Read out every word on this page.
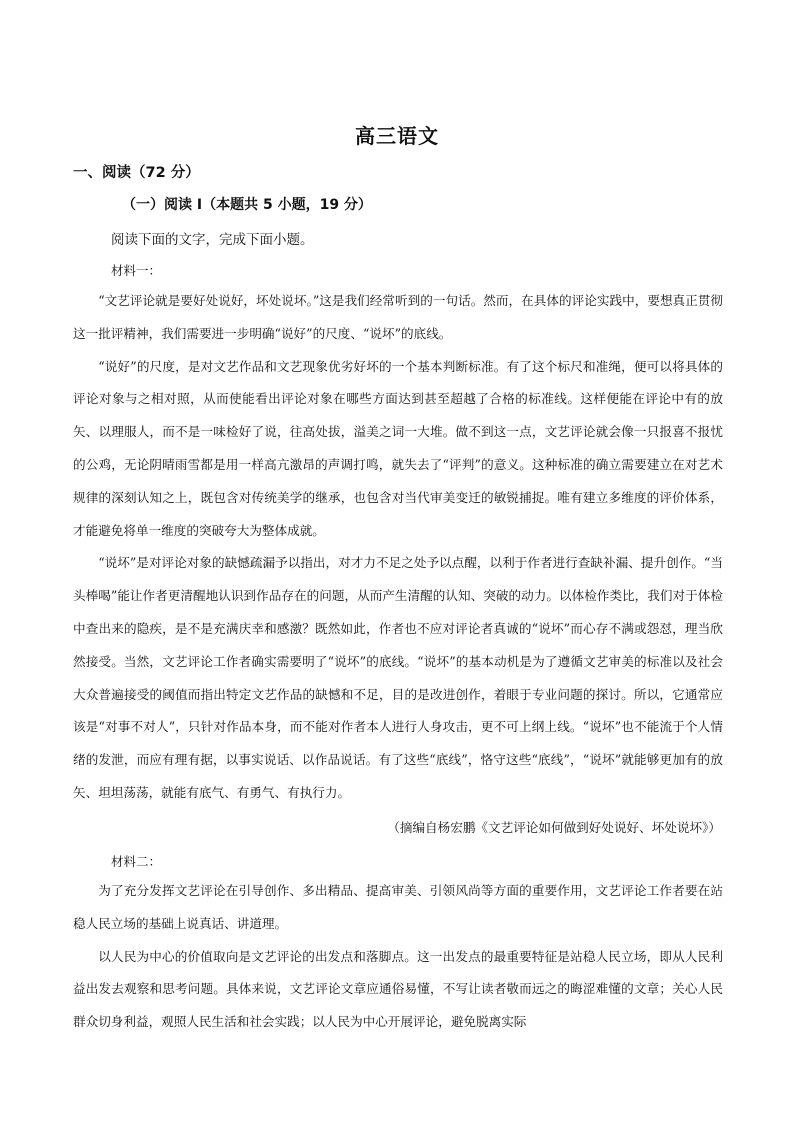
高三语文
一、阅读（72 分）
（一）阅读 I（本题共 5 小题，19 分）
阅读下面的文字，完成下面小题。
材料一：

“文艺评论就是要好处说好，坏处说坏。”这是我们经常听到的一句话。然而，在具体的评论实践中，要想真正贯彻这一批评精神，我们需要进一步明确“说好”的尺度、“说坏”的底线。

“说好”的尺度，是对文艺作品和文艺现象优劣好坏的一个基本判断标准。有了这个标尺和准绳，便可以将具体的评论对象与之相对照，从而使能看出评论对象在哪些方面达到甚至超越了合格的标准线。这样便能在评论中有的放矢、以理服人，而不是一味检好了说，往高处拔，溢美之词一大堆。做不到这一点，文艺评论就会像一只报喜不报忧的公鸡，无论阴晴雨雪都是用一样高亢激昂的声调打鸣，就失去了“评判”的意义。这种标准的确立需要建立在对艺术规律的深刻认知之上，既包含对传统美学的继承，也包含对当代审美变迁的敏锐捕捉。唯有建立多维度的评价体系，才能避免将单一维度的突破夸大为整体成就。

“说坏”是对评论对象的缺憾疏漏予以指出，对才力不足之处予以点醒，以利于作者进行查缺补漏、提升创作。“当头棒喝”能让作者更清醒地认识到作品存在的问题，从而产生清醒的认知、突破的动力。以体检作类比，我们对于体检中查出来的隐疾，是不是充满庆幸和感激？既然如此，作者也不应对评论者真诚的“说坏”而心存不满或怨怼，理当欣然接受。当然，文艺评论工作者确实需要明了“说坏”的底线。“说坏”的基本动机是为了遵循文艺审美的标准以及社会大众普遍接受的阈值而指出特定文艺作品的缺憾和不足，目的是改进创作，着眼于专业问题的探讨。所以，它通常应该是“对事不对人”，只针对作品本身，而不能对作者本人进行人身攻击，更不可上纲上线。“说坏”也不能流于个人情绪的发泄，而应有理有据，以事实说话、以作品说话。有了这些“底线”，恪守这些“底线”，“说坏”就能够更加有的放矢、坦坦荡荡，就能有底气、有勇气、有执行力。

（摘编自杨宏鹏《文艺评论如何做到好处说好、坏处说坏》）
材料二：

为了充分发挥文艺评论在引导创作、多出精品、提高审美、引领风尚等方面的重要作用，文艺评论工作者要在站稳人民立场的基础上说真话、讲道理。

以人民为中心的价值取向是文艺评论的出发点和落脚点。这一出发点的最重要特征是站稳人民立场，即从人民利益出发去观察和思考问题。具体来说，文艺评论文章应通俗易懂，不写让读者敬而远之的晦涩难懂的文章；关心人民群众切身利益，观照人民生活和社会实践；以人民为中心开展评论，避免脱离实际
